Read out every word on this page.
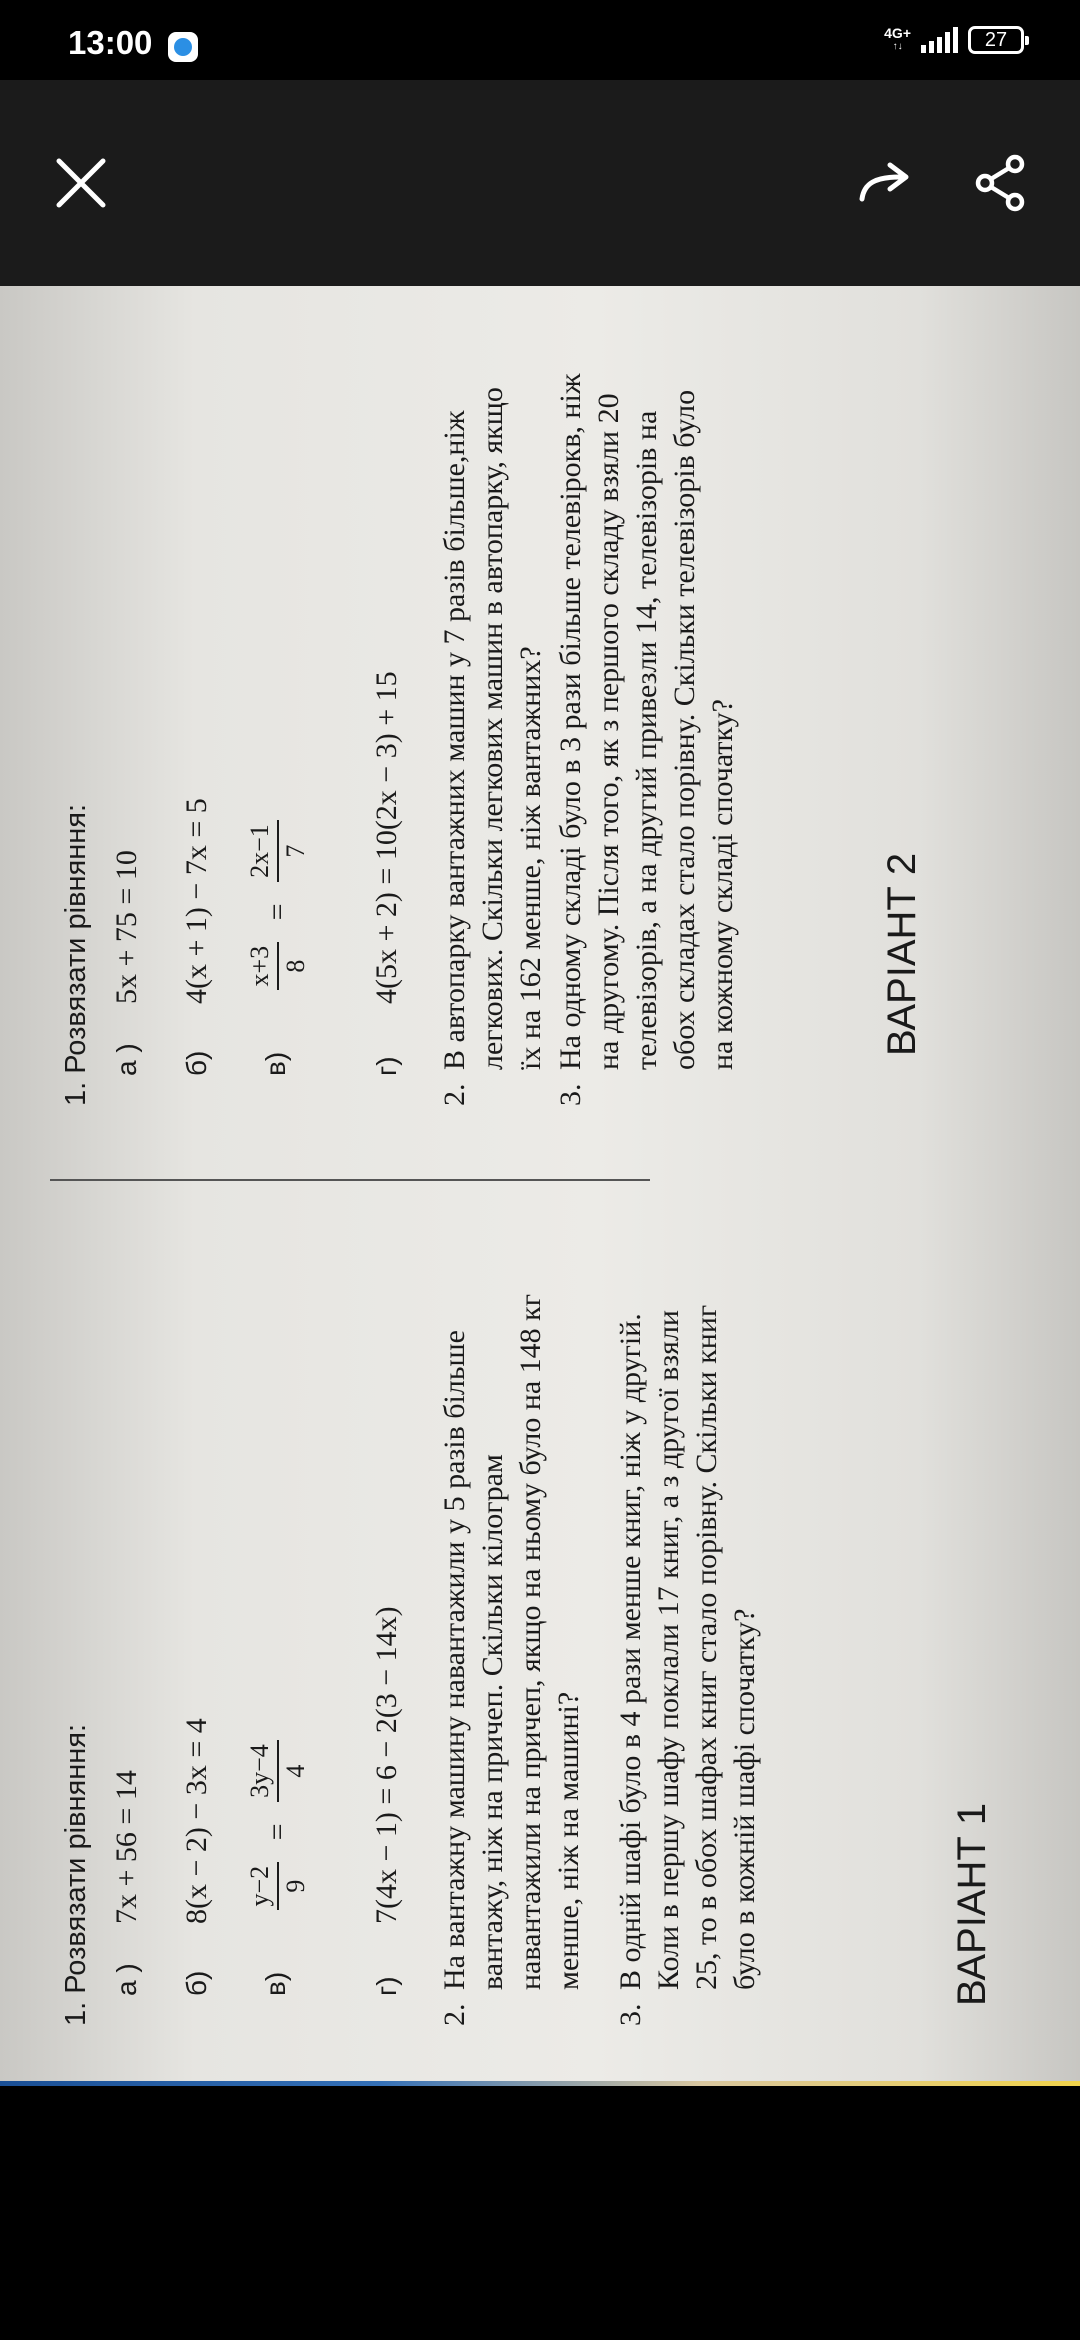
13:00	4G+
↑↓	27
1. Розвязати рівняння: а )7x + 56 = 14
б)8(x − 2) − 3x = 4
в)
y−2 9
=
3y−4 4
г)7(4x − 1) = 6 − 2(3 − 14x)
2.
На вантажну машину навантажили у 5 разів більше вантажу, ніж на причеп. Скільки кілограм навантажили на причеп, якщо на ньому було на 148 кг менше, ніж на машині?
3.
В одній шафі було в 4 рази менше книг, ніж у другій. Коли в першу шафу поклали 17 книг, а з другої взяли 25, то в обох шафах книг стало порівну. Скільки книг було в кожній шафі спочатку?	ВАРІАНТ 1
1. Розвязати рівняння: а )5x + 75 = 10
б)4(x + 1) − 7x = 5
в)
x+3 8
=
2x−1 7
г)4(5x + 2) = 10(2x − 3) + 15
2.
В автопарку вантажних машин у 7 разів більше,ніж легкових. Скільки легкових машин в автопарку, якщо їх на 162 менше, ніж вантажних?
3.
На одному складі було в 3 рази більше телевірокв, ніж на другому. Після того, як з першого складу взяли 20 телевізорів, а на другий привезли 14, телевізорів на обох складах стало порівну. Скільки телевізорів було на кожному складі спочатку?	ВАРІАНТ 2
